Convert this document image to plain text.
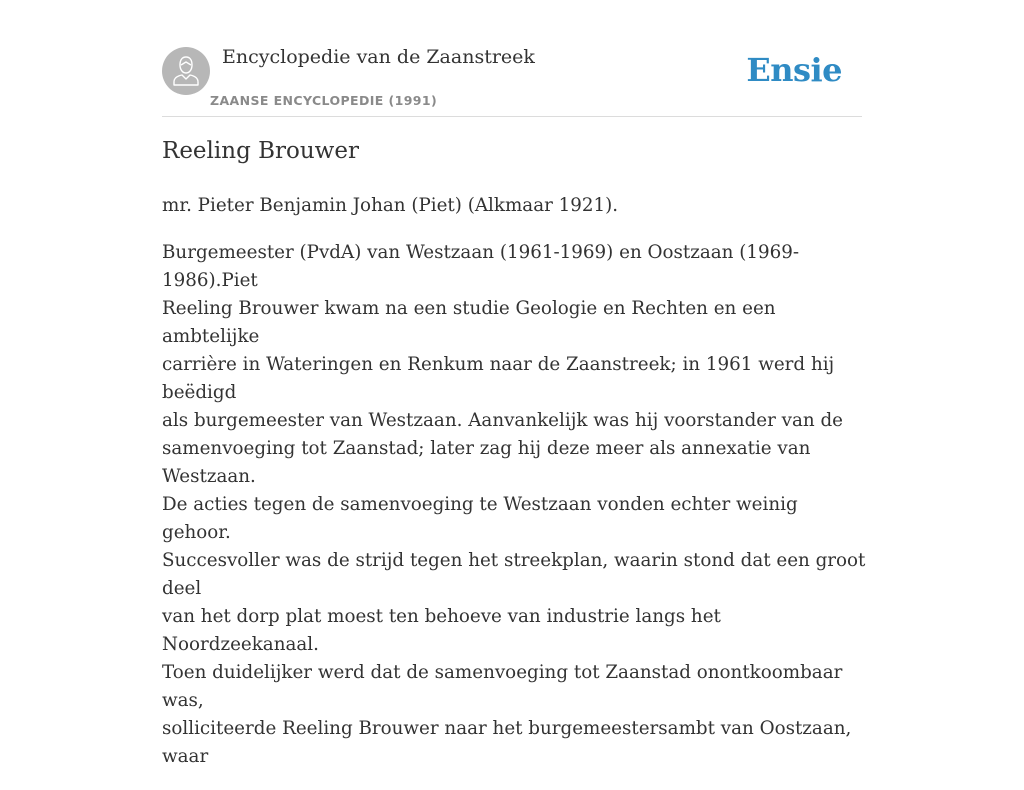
Encyclopedie van de Zaanstreek
ZAANSE ENCYCLOPEDIE (1991)
Ensie
Reeling Brouwer

mr. Pieter Benjamin Johan (Piet) (Alkmaar 1921).

Burgemeester (PvdA) van Westzaan (1961-1969) en Oostzaan (1969-1986).Piet
Reeling Brouwer kwam na een studie Geologie en Rechten en een ambtelijke
carrière in Wateringen en Renkum naar de Zaanstreek; in 1961 werd hij beëdigd
als burgemeester van Westzaan. Aanvankelijk was hij voorstander van de
samenvoeging tot Zaanstad; later zag hij deze meer als annexatie van Westzaan.
De acties tegen de samenvoeging te Westzaan vonden echter weinig gehoor.
Succesvoller was de strijd tegen het streekplan, waarin stond dat een groot deel
van het dorp plat moest ten behoeve van industrie langs het Noordzeekanaal.
Toen duidelijker werd dat de samenvoeging tot Zaanstad onontkoombaar was,
solliciteerde Reeling Brouwer naar het burgemeestersambt van Oostzaan, waar
